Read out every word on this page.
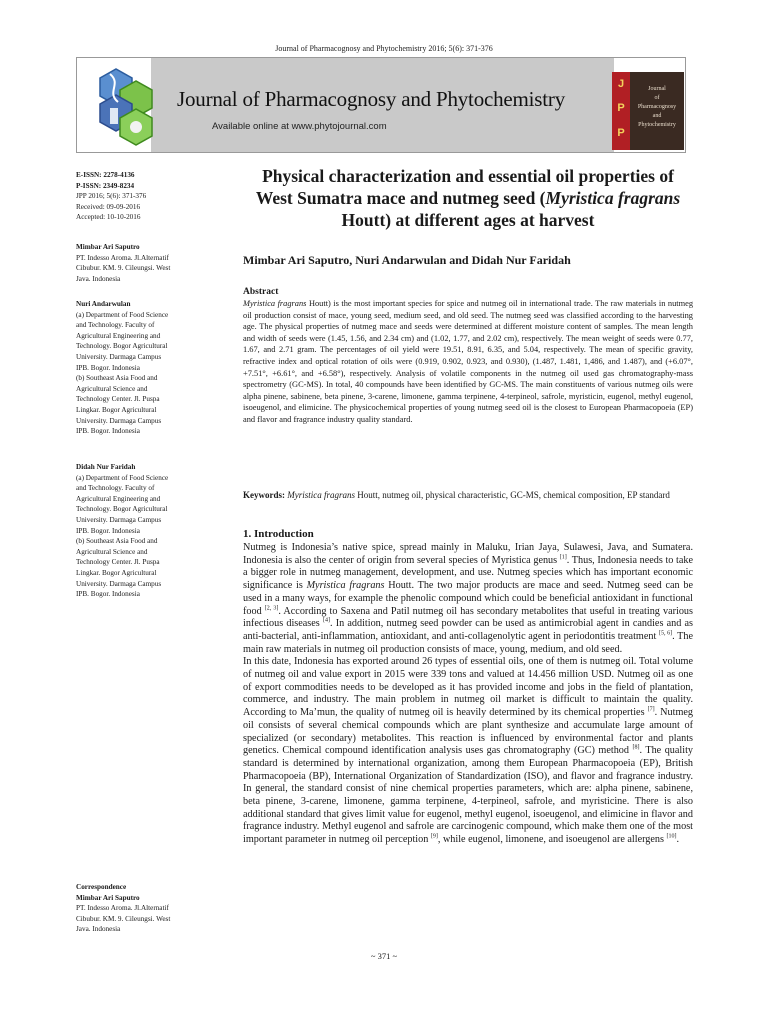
Journal of Pharmacognosy and Phytochemistry 2016; 5(6): 371-376
Journal of Pharmacognosy and Phytochemistry
Available online at www.phytojournal.com
J
P
P
Journal
of
Pharmacognosy
and
Phytochemistry
E-ISSN: 2278-4136
P-ISSN: 2349-8234
JPP 2016; 5(6): 371-376
Received: 09-09-2016
Accepted: 10-10-2016
Mimbar Ari Saputro
PT. Indesso Aroma. Jl.Alternatif
Cibubur. KM. 9. Cileungsi. West
Java. Indonesia
Nuri Andarwulan
(a) Department of Food Science
and Technology. Faculty of
Agricultural Engineering and
Technology. Bogor Agricultural
University. Darmaga Campus
IPB. Bogor. Indonesia
(b) Southeast Asia Food and
Agricultural Science and
Technology Center. Jl. Puspa
Lingkar. Bogor Agricultural
University. Darmaga Campus
IPB. Bogor. Indonesia
Didah Nur Faridah
(a) Department of Food Science
and Technology. Faculty of
Agricultural Engineering and
Technology. Bogor Agricultural
University. Darmaga Campus
IPB. Bogor. Indonesia
(b) Southeast Asia Food and
Agricultural Science and
Technology Center. Jl. Puspa
Lingkar. Bogor Agricultural
University. Darmaga Campus
IPB. Bogor. Indonesia
Correspondence
Mimbar Ari Saputro
PT. Indesso Aroma. Jl.Alternatif
Cibubur. KM. 9. Cileungsi. West
Java. Indonesia
Physical characterization and essential oil properties of West Sumatra mace and nutmeg seed (Myristica fragrans Houtt) at different ages at harvest
Mimbar Ari Saputro, Nuri Andarwulan and Didah Nur Faridah
Abstract
Myristica fragrans Houtt) is the most important species for spice and nutmeg oil in international trade. The raw materials in nutmeg oil production consist of mace, young seed, medium seed, and old seed. The nutmeg seed was classified according to the harvesting age. The physical properties of nutmeg mace and seeds were determined at different moisture content of samples. The mean length and width of seeds were (1.45, 1.56, and 2.34 cm) and (1.02, 1.77, and 2.02 cm), respectively. The mean weight of seeds were 0.77, 1.67, and 2.71 gram. The percentages of oil yield were 19.51, 8.91, 6.35, and 5.04, respectively. The mean of specific gravity, refractive index and optical rotation of oils were (0.919, 0.902, 0.923, and 0.930), (1.487, 1.481, 1,486, and 1.487), and (+6.07°, +7.51°, +6.61°, and +6.58°), respectively. Analysis of volatile components in the nutmeg oil used gas chromatography-mass spectrometry (GC-MS). In total, 40 compounds have been identified by GC-MS. The main constituents of various nutmeg oils were alpha pinene, sabinene, beta pinene, 3-carene, limonene, gamma terpinene, 4-terpineol, safrole, myristicin, eugenol, methyl eugenol, isoeugenol, and elimicine. The physicochemical properties of young nutmeg seed oil is the closest to European Pharmacopoeia (EP) and flavor and fragrance industry quality standard.
Keywords: Myristica fragrans Houtt, nutmeg oil, physical characteristic, GC-MS, chemical composition, EP standard
1. Introduction

Nutmeg is Indonesia’s native spice, spread mainly in Maluku, Irian Jaya, Sulawesi, Java, and Sumatera. Indonesia is also the center of origin from several species of Myristica genus [1]. Thus, Indonesia needs to take a bigger role in nutmeg management, development, and use. Nutmeg species which has important economic significance is Myristica fragrans Houtt. The two major products are mace and seed. Nutmeg seed can be used in a many ways, for example the phenolic compound which could be beneficial antioxidant in functional food [2, 3]. According to Saxena and Patil nutmeg oil has secondary metabolites that useful in treating various infectious diseases [4]. In addition, nutmeg seed powder can be used as antimicrobial agent in candies and as anti-bacterial, anti-inflammation, antioxidant, and anti-collagenolytic agent in periodontitis treatment [5, 6]. The main raw materials in nutmeg oil production consists of mace, young, medium, and old seed.

In this date, Indonesia has exported around 26 types of essential oils, one of them is nutmeg oil. Total volume of nutmeg oil and value export in 2015 were 339 tons and valued at 14.456 million USD. Nutmeg oil as one of export commodities needs to be developed as it has provided income and jobs in the field of plantation, commerce, and industry. The main problem in nutmeg oil market is difficult to maintain the quality. According to Ma’mun, the quality of nutmeg oil is heavily determined by its chemical properties [7]. Nutmeg oil consists of several chemical compounds which are plant synthesize and accumulate large amount of specialized (or secondary) metabolites. This reaction is influenced by environmental factor and plants genetics. Chemical compound identification analysis uses gas chromatography (GC) method [8]. The quality standard is determined by international organization, among them European Pharmacopoeia (EP), British Pharmacopoeia (BP), International Organization of Standardization (ISO), and flavor and fragrance industry. In general, the standard consist of nine chemical properties parameters, which are: alpha pinene, sabinene, beta pinene, 3-carene, limonene, gamma terpinene, 4-terpineol, safrole, and myristicine. There is also additional standard that gives limit value for eugenol, methyl eugenol, isoeugenol, and elimicine in flavor and fragrance industry. Methyl eugenol and safrole are carcinogenic compound, which make them one of the most important parameter in nutmeg oil perception [9], while eugenol, limonene, and isoeugenol are allergens [10].

~ 371 ~
